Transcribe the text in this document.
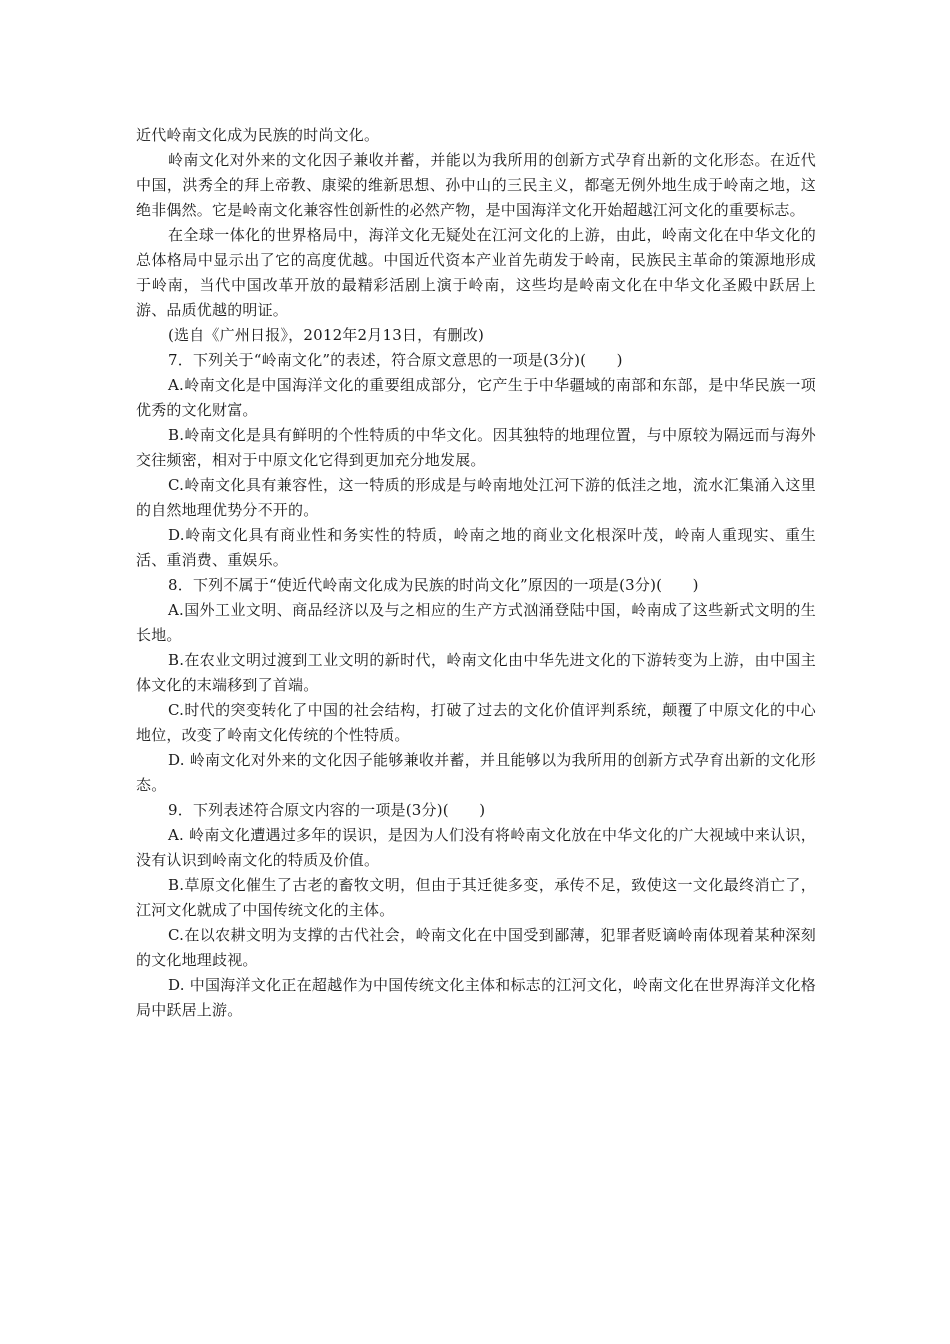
近代岭南文化成为民族的时尚文化。

岭南文化对外来的文化因子兼收并蓄，并能以为我所用的创新方式孕育出新的文化形态。在近代中国，洪秀全的拜上帝教、康梁的维新思想、孙中山的三民主义，都毫无例外地生成于岭南之地，这绝非偶然。它是岭南文化兼容性创新性的必然产物，是中国海洋文化开始超越江河文化的重要标志。

在全球一体化的世界格局中，海洋文化无疑处在江河文化的上游，由此，岭南文化在中华文化的总体格局中显示出了它的高度优越。中国近代资本产业首先萌发于岭南，民族民主革命的策源地形成于岭南，当代中国改革开放的最精彩活剧上演于岭南，这些均是岭南文化在中华文化圣殿中跃居上游、品质优越的明证。

(选自《广州日报》，2012年2月13日，有删改)

7．下列关于“岭南文化”的表述，符合原文意思的一项是(3分)(　　)

A.岭南文化是中国海洋文化的重要组成部分，它产生于中华疆域的南部和东部，是中华民族一项优秀的文化财富。

B.岭南文化是具有鲜明的个性特质的中华文化。因其独特的地理位置，与中原较为隔远而与海外交往频密，相对于中原文化它得到更加充分地发展。

C.岭南文化具有兼容性，这一特质的形成是与岭南地处江河下游的低洼之地，流水汇集涌入这里的自然地理优势分不开的。

D.岭南文化具有商业性和务实性的特质，岭南之地的商业文化根深叶茂，岭南人重现实、重生活、重消费、重娱乐。

8．下列不属于“使近代岭南文化成为民族的时尚文化”原因的一项是(3分)(　　)

A.国外工业文明、商品经济以及与之相应的生产方式汹涌登陆中国，岭南成了这些新式文明的生长地。

B.在农业文明过渡到工业文明的新时代，岭南文化由中华先进文化的下游转变为上游，由中国主体文化的末端移到了首端。

C.时代的突变转化了中国的社会结构，打破了过去的文化价值评判系统，颠覆了中原文化的中心地位，改变了岭南文化传统的个性特质。

D. 岭南文化对外来的文化因子能够兼收并蓄，并且能够以为我所用的创新方式孕育出新的文化形态。

9．下列表述符合原文内容的一项是(3分)(　　)

A. 岭南文化遭遇过多年的误识，是因为人们没有将岭南文化放在中华文化的广大视域中来认识，没有认识到岭南文化的特质及价值。

B.草原文化催生了古老的畜牧文明，但由于其迁徙多变，承传不足，致使这一文化最终消亡了，江河文化就成了中国传统文化的主体。

C.在以农耕文明为支撑的古代社会，岭南文化在中国受到鄙薄，犯罪者贬谪岭南体现着某种深刻的文化地理歧视。

D. 中国海洋文化正在超越作为中国传统文化主体和标志的江河文化，岭南文化在世界海洋文化格局中跃居上游。
